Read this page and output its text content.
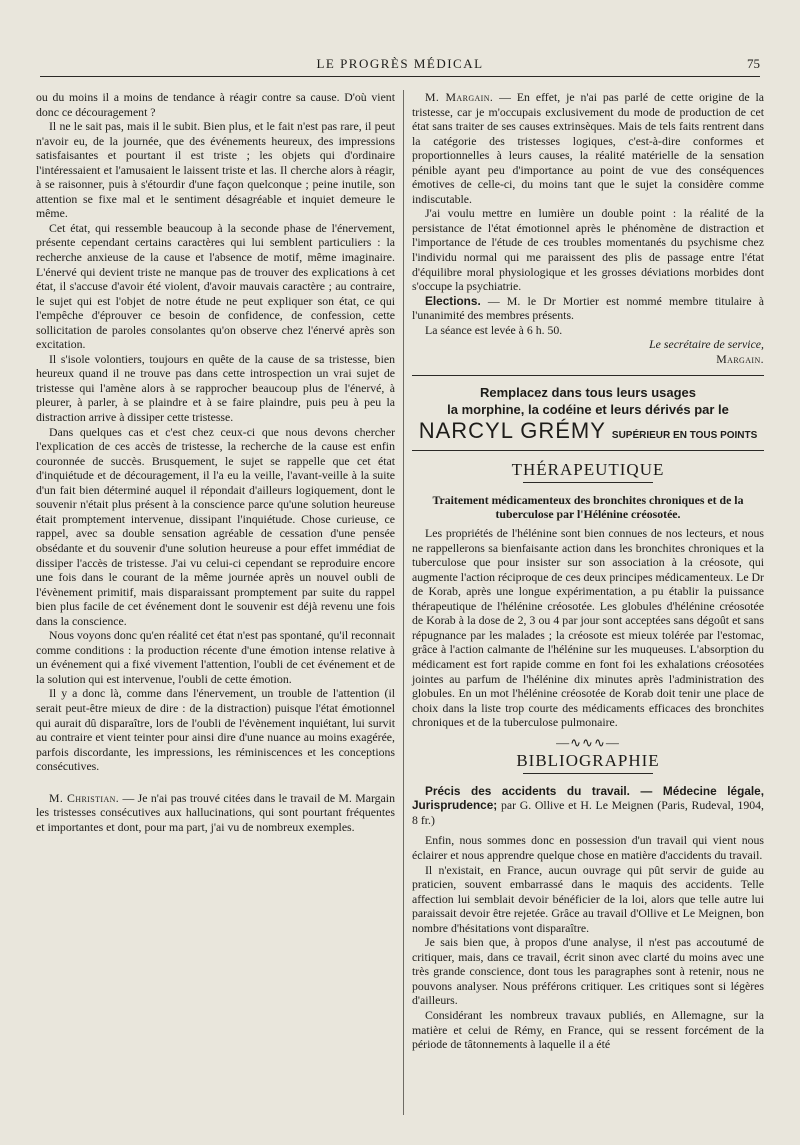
LE PROGRÈS MÉDICAL	75

ou du moins il a moins de tendance à réagir contre sa cause. D'où vient donc ce découragement ?

Il ne le sait pas, mais il le subit. Bien plus, et le fait n'est pas rare, il peut n'avoir eu, de la journée, que des événements heureux, des impressions satisfaisantes et pourtant il est triste ; les objets qui d'ordinaire l'intéressaient et l'amusaient le laissent triste et las. Il cherche alors à réagir, à se raisonner, puis à s'étourdir d'une façon quelconque ; peine inutile, son attention se fixe mal et le sentiment désagréable et inquiet demeure le même.

Cet état, qui ressemble beaucoup à la seconde phase de l'énervement, présente cependant certains caractères qui lui semblent particuliers : la recherche anxieuse de la cause et l'absence de motif, même imaginaire. L'énervé qui devient triste ne manque pas de trouver des explications à cet état, il s'accuse d'avoir été violent, d'avoir mauvais caractère ; au contraire, le sujet qui est l'objet de notre étude ne peut expliquer son état, ce qui l'empêche d'éprouver ce besoin de confidence, de confession, cette sollicitation de paroles consolantes qu'on observe chez l'énervé après son excitation.

Il s'isole volontiers, toujours en quête de la cause de sa tristesse, bien heureux quand il ne trouve pas dans cette introspection un vrai sujet de tristesse qui l'amène alors à se rapprocher beaucoup plus de l'énervé, à pleurer, à parler, à se plaindre et à se faire plaindre, puis peu à peu la distraction arrive à dissiper cette tristesse.

Dans quelques cas et c'est chez ceux-ci que nous devons chercher l'explication de ces accès de tristesse, la recherche de la cause est enfin couronnée de succès. Brusquement, le sujet se rappelle que cet état d'inquiétude et de découragement, il l'a eu la veille, l'avant-veille à la suite d'un fait bien déterminé auquel il répondait d'ailleurs logiquement, dont le souvenir n'était plus présent à la conscience parce qu'une solution heureuse était promptement intervenue, dissipant l'inquiétude. Chose curieuse, ce rappel, avec sa double sensation agréable de cessation d'une pensée obsédante et du souvenir d'une solution heureuse a pour effet immédiat de dissiper l'accès de tristesse. J'ai vu celui-ci cependant se reproduire encore une fois dans le courant de la même journée après un nouvel oubli de l'évènement primitif, mais disparaissant promptement par suite du rappel bien plus facile de cet événement dont le souvenir est déjà revenu une fois dans la conscience.

Nous voyons donc qu'en réalité cet état n'est pas spontané, qu'il reconnait comme conditions : la production récente d'une émotion intense relative à un événement qui a fixé vivement l'attention, l'oubli de cet événement et de la solution qui est intervenue, l'oubli de cette émotion.

Il y a donc là, comme dans l'énervement, un trouble de l'attention (il serait peut-être mieux de dire : de la distraction) puisque l'état émotionnel qui aurait dû disparaître, lors de l'oubli de l'évènement inquiétant, lui survit au contraire et vient teinter pour ainsi dire d'une nuance au moins exagérée, parfois discordante, les impressions, les réminiscences et les conceptions consécutives.

M. Christian. — Je n'ai pas trouvé citées dans le travail de M. Margain les tristesses consécutives aux hallucinations, qui sont pourtant fréquentes et importantes et dont, pour ma part, j'ai vu de nombreux exemples.

M. Margain. — En effet, je n'ai pas parlé de cette origine de la tristesse, car je m'occupais exclusivement du mode de production de cet état sans traiter de ses causes extrinsèques. Mais de tels faits rentrent dans la catégorie des tristesses logiques, c'est-à-dire conformes et proportionnelles à leurs causes, la réalité matérielle de la sensation pénible ayant peu d'importance au point de vue des conséquences émotives de celle-ci, du moins tant que le sujet la considère comme indiscutable.

J'ai voulu mettre en lumière un double point : la réalité de la persistance de l'état émotionnel après le phénomène de distraction et l'importance de l'étude de ces troubles momentanés du psychisme chez l'individu normal qui me paraissent des plis de passage entre l'état d'équilibre moral physiologique et les grosses déviations morbides dont s'occupe la psychiatrie.

Elections. — M. le Dr Mortier est nommé membre titulaire à l'unanimité des membres présents.

La séance est levée à 6 h. 50.

Le secrétaire de service,
Margain.
Remplacez dans tous leurs usages
la morphine, la codéine et leurs dérivés par le
NARCYL GRÉMY SUPÉRIEUR EN TOUS POINTS
THÉRAPEUTIQUE

Traitement médicamenteux des bronchites chroniques et de la tuberculose par l'Hélénine créosotée.

Les propriétés de l'hélénine sont bien connues de nos lecteurs, et nous ne rappellerons sa bienfaisante action dans les bronchites chroniques et la tuberculose que pour insister sur son association à la créosote, qui augmente l'action réciproque de ces deux principes médicamenteux. Le Dr de Korab, après une longue expérimentation, a pu établir la puissance thérapeutique de l'hélénine créosotée. Les globules d'hélénine créosotée de Korab à la dose de 2, 3 ou 4 par jour sont acceptées sans dégoût et sans répugnance par les malades ; la créosote est mieux tolérée par l'estomac, grâce à l'action calmante de l'hélénine sur les muqueuses. L'absorption du médicament est fort rapide comme en font foi les exhalations créosotées jointes au parfum de l'hélénine dix minutes après l'administration des globules. En un mot l'hélénine créosotée de Korab doit tenir une place de choix dans la liste trop courte des médicaments efficaces des bronchites chroniques et de la tuberculose pulmonaire.

—∿∿∿—
BIBLIOGRAPHIE

Précis des accidents du travail. — Médecine légale, Jurisprudence; par G. Ollive et H. Le Meignen (Paris, Rudeval, 1904, 8 fr.)

Enfin, nous sommes donc en possession d'un travail qui vient nous éclairer et nous apprendre quelque chose en matière d'accidents du travail.

Il n'existait, en France, aucun ouvrage qui pût servir de guide au praticien, souvent embarrassé dans le maquis des accidents. Telle affection lui semblait devoir bénéficier de la loi, alors que telle autre lui paraissait devoir être rejetée. Grâce au travail d'Ollive et Le Meignen, bon nombre d'hésitations vont disparaître.

Je sais bien que, à propos d'une analyse, il n'est pas accoutumé de critiquer, mais, dans ce travail, écrit sinon avec clarté du moins avec une très grande conscience, dont tous les paragraphes sont à retenir, nous ne pouvons analyser. Nous préférons critiquer. Les critiques sont si légères d'ailleurs.

Considérant les nombreux travaux publiés, en Allemagne, sur la matière et celui de Rémy, en France, qui se ressent forcément de la période de tâtonnements à laquelle il a été
